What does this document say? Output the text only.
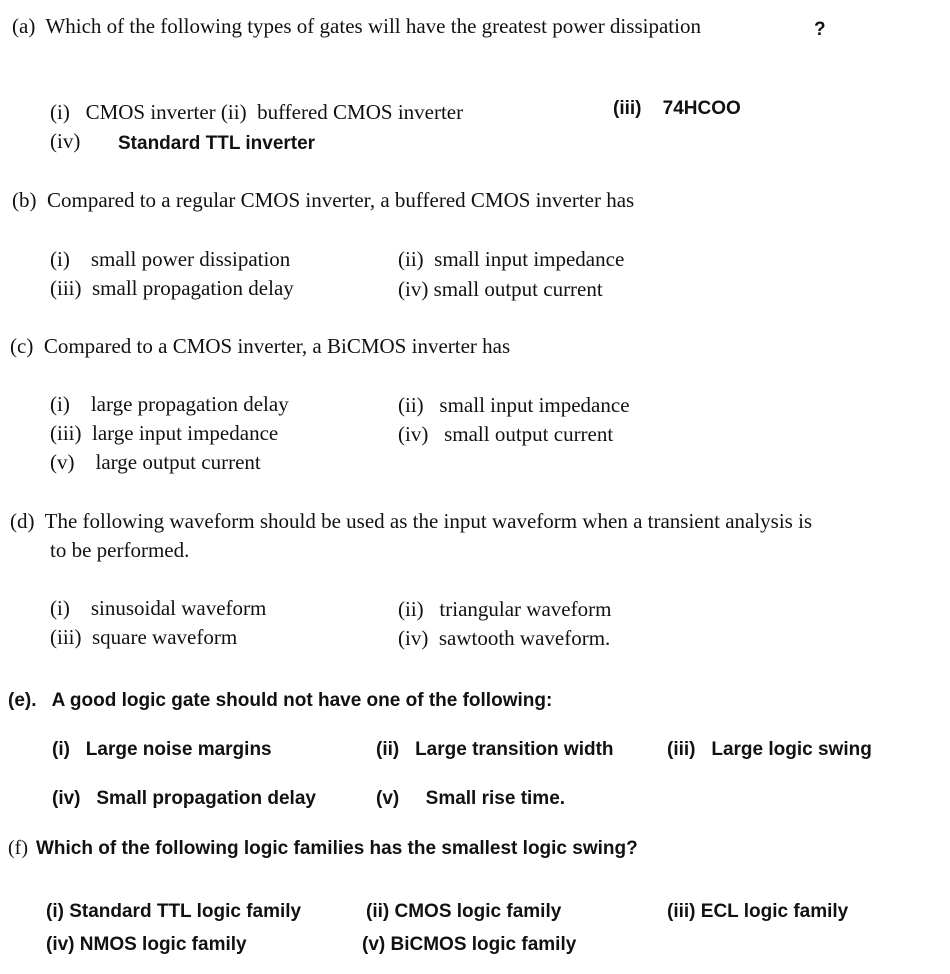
(a) Which of the following types of gates will have the greatest power dissipation	?
(i) CMOS inverter (ii) buffered CMOS inverter	(iii) 74HCOO
(iv) Standard TTL inverter
(b) Compared to a regular CMOS inverter, a buffered CMOS inverter has
(i) small power dissipation	(ii) small input impedance
(iii) small propagation delay	(iv) small output current
(c) Compared to a CMOS inverter, a BiCMOS inverter has
(i) large propagation delay	(ii) small input impedance
(iii) large input impedance	(iv) small output current
(v) large output current
(d) The following waveform should be used as the input waveform when a transient analysis is
to be performed.
(i) sinusoidal waveform	(ii) triangular waveform
(iii) square waveform	(iv) sawtooth waveform.
(e). A good logic gate should not have one of the following:
(i) Large noise margins	(ii) Large transition width	(iii) Large logic swing
(iv) Small propagation delay	(v) Small rise time.
(f) Which of the following logic families has the smallest logic swing?
(i) Standard TTL logic family	(ii) CMOS logic family	(iii) ECL logic family
(iv) NMOS logic family	(v) BiCMOS logic family
